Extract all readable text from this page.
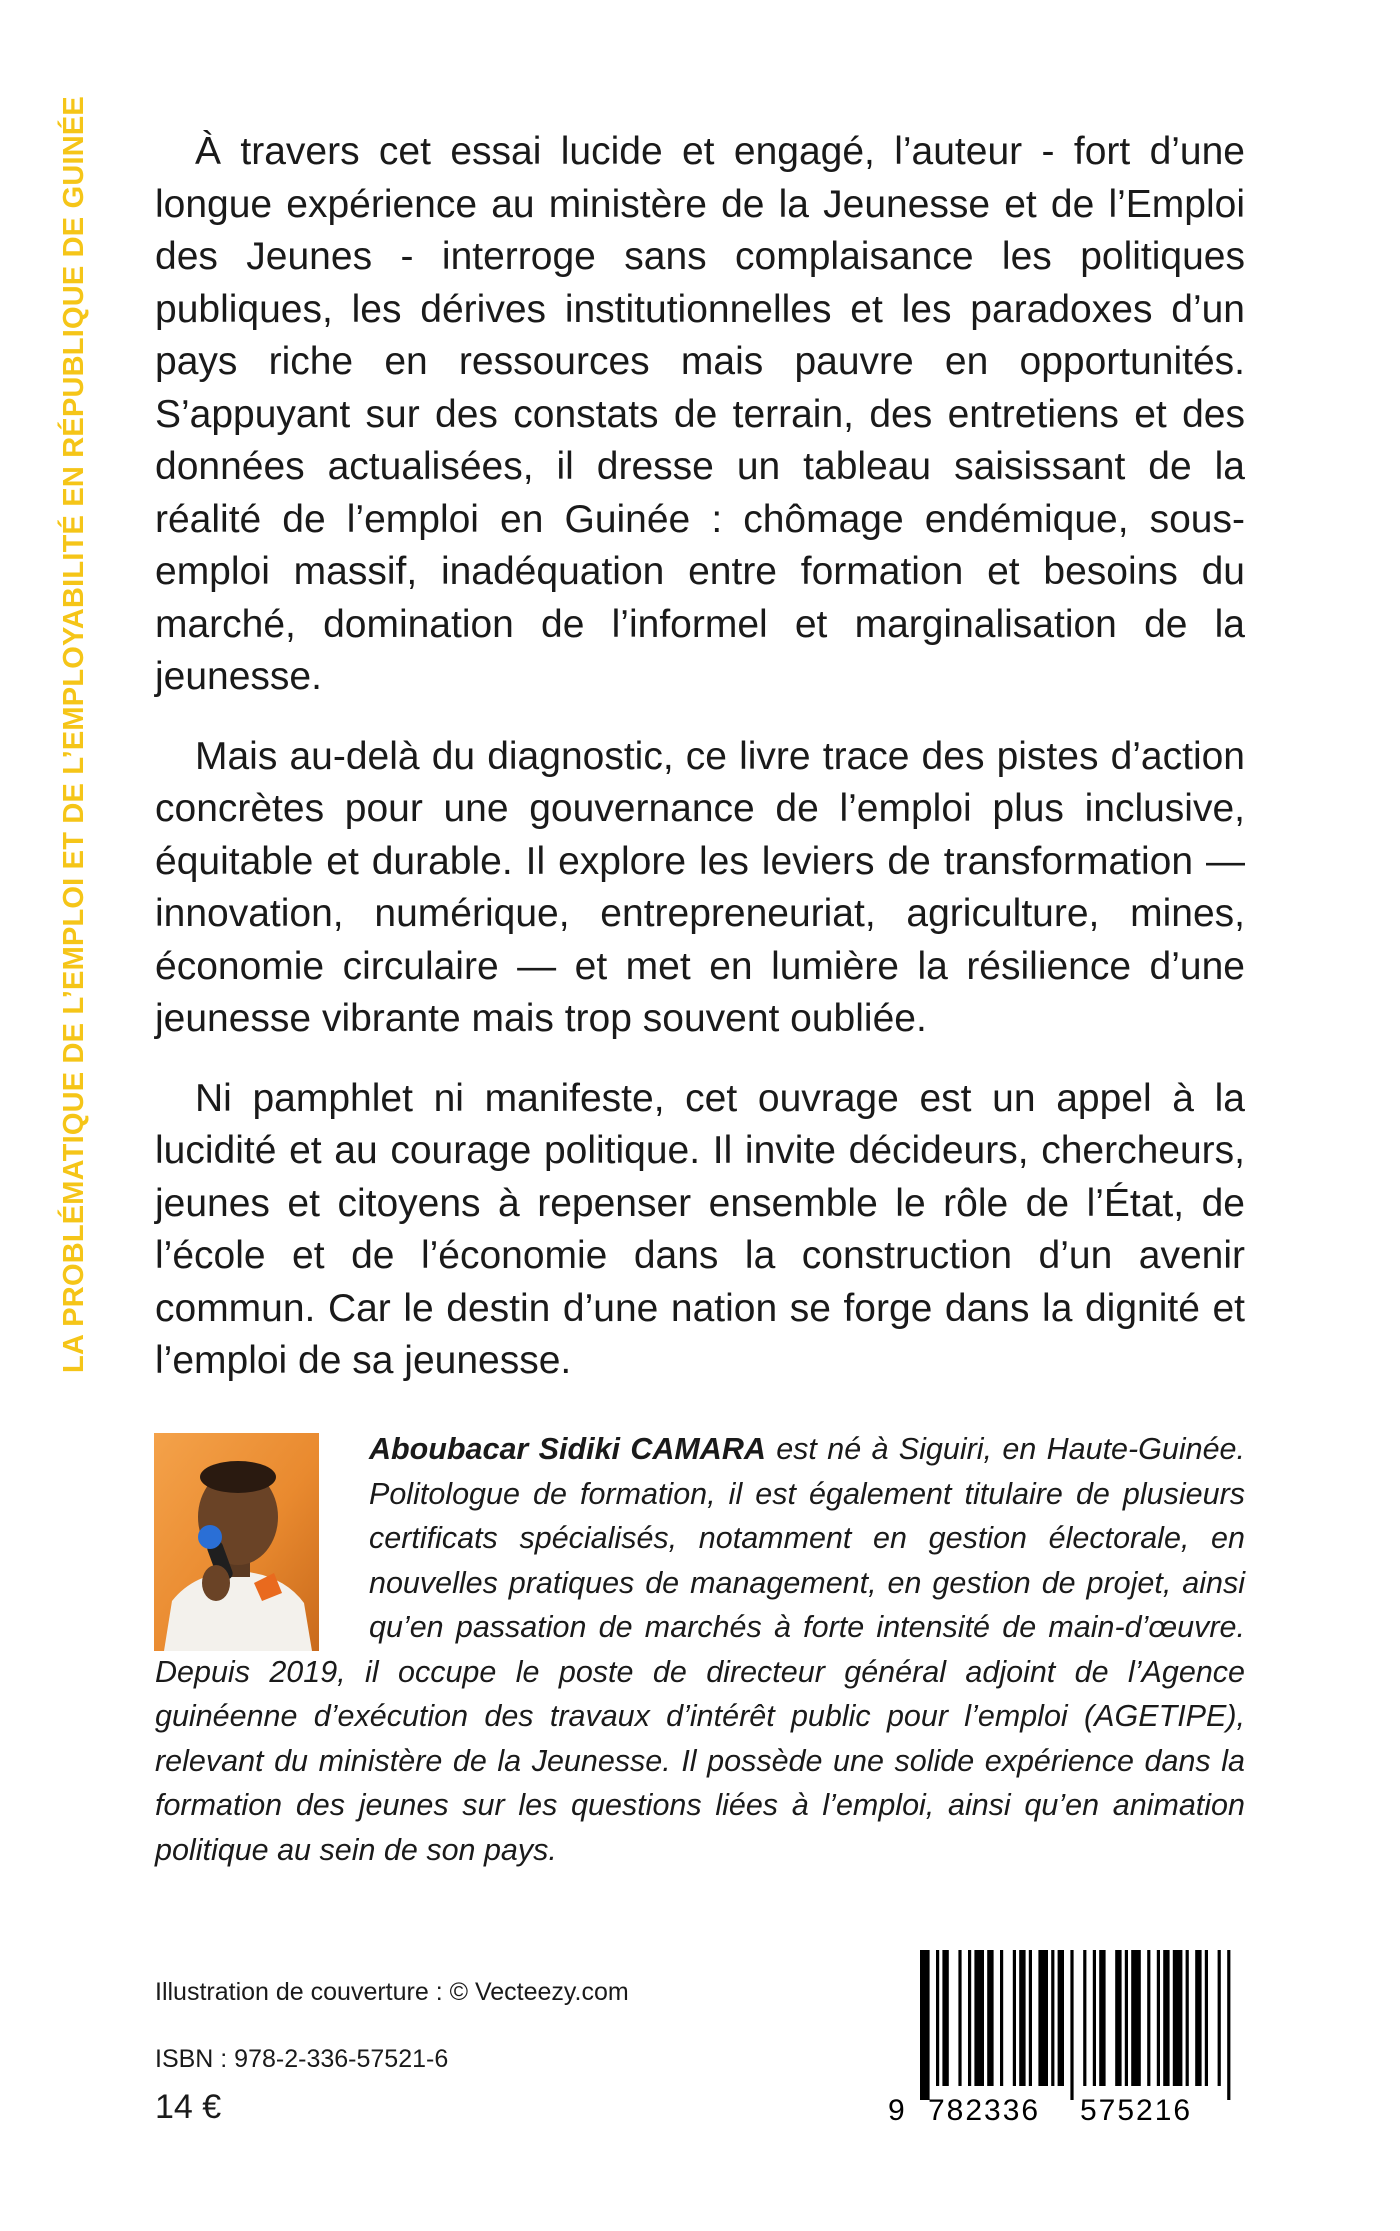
LA PROBLÉMATIQUE DE L’EMPLOI ET DE L’EMPLOYABILITÉ EN RÉPUBLIQUE DE GUINÉE	À travers cet essai lucide et engagé, l’auteur - fort d’une longue expérience au ministère de la Jeunesse et de l’Emploi des Jeunes - interroge sans complaisance les politiques publiques, les dérives institutionnelles et les paradoxes d’un pays riche en ressources mais pauvre en opportunités. S’appuyant sur des constats de terrain, des entretiens et des données actualisées, il dresse un tableau saisissant de la réalité de l’emploi en Guinée : chômage endémique, sous-emploi massif, inadéquation entre formation et besoins du marché, domination de l’informel et marginalisation de la jeunesse.

Mais au-delà du diagnostic, ce livre trace des pistes d’action concrètes pour une gouvernance de l’emploi plus inclusive, équitable et durable. Il explore les leviers de transformation — innovation, numérique, entrepreneuriat, agriculture, mines, économie circulaire — et met en lumière la résilience d’une jeunesse vibrante mais trop souvent oubliée.

Ni pamphlet ni manifeste, cet ouvrage est un appel à la lucidité et au courage politique. Il invite décideurs, chercheurs, jeunes et citoyens à repenser ensemble le rôle de l’État, de l’école et de l’économie dans la construction d’un avenir commun. Car le destin d’une nation se forge dans la dignité et l’emploi de sa jeunesse.

Aboubacar Sidiki CAMARA est né à Siguiri, en Haute-Guinée. Politologue de formation, il est également titulaire de plusieurs certificats spécialisés, notamment en gestion électorale, en nouvelles pratiques de management, en gestion de projet, ainsi qu’en passation de marchés à forte intensité de main-d’œuvre. Depuis 2019, il occupe le poste de directeur général adjoint de l’Agence guinéenne d’exécution des travaux d’intérêt public pour l’emploi (AGETIPE), relevant du ministère de la Jeunesse. Il possède une solide expérience dans la formation des jeunes sur les questions liées à l’emploi, ainsi qu’en animation politique au sein de son pays.
Illustration de couverture : © Vecteezy.com
ISBN : 978-2-336-57521-6
14 €	9 782336 575216
